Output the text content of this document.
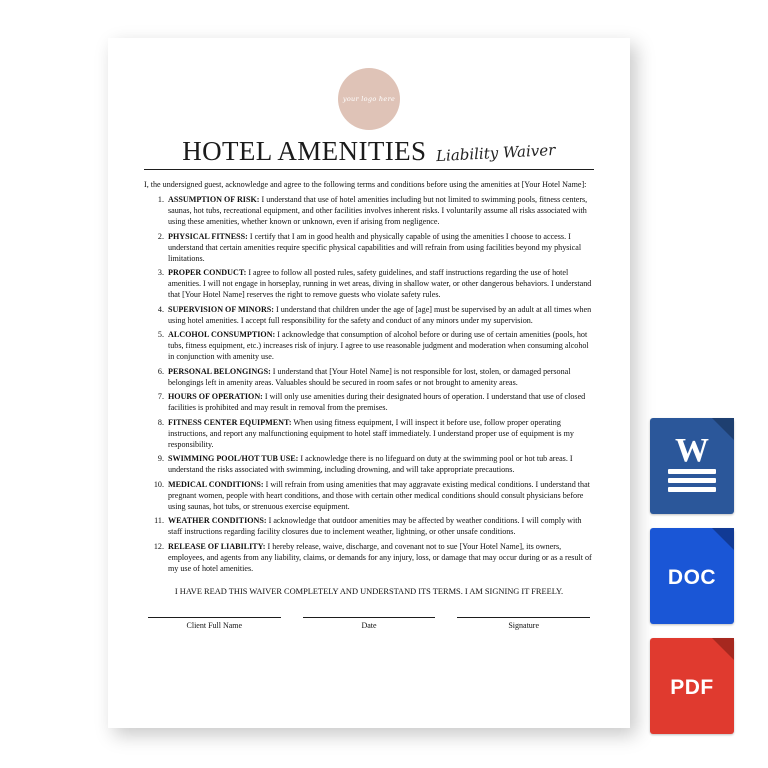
your logo here
HOTEL AMENITIES Liability Waiver

I, the undersigned guest, acknowledge and agree to the following terms and conditions before using the amenities at [Your Hotel Name]:

1. ASSUMPTION OF RISK: I understand that use of hotel amenities including but not limited to swimming pools, fitness centers, saunas, hot tubs, recreational equipment, and other facilities involves inherent risks. I voluntarily assume all risks associated with using these amenities, whether known or unknown, even if arising from negligence.
2. PHYSICAL FITNESS: I certify that I am in good health and physically capable of using the amenities I choose to access. I understand that certain amenities require specific physical capabilities and will refrain from using facilities beyond my physical limitations.
3. PROPER CONDUCT: I agree to follow all posted rules, safety guidelines, and staff instructions regarding the use of hotel amenities. I will not engage in horseplay, running in wet areas, diving in shallow water, or other dangerous behaviors. I understand that [Your Hotel Name] reserves the right to remove guests who violate safety rules.
4. SUPERVISION OF MINORS: I understand that children under the age of [age] must be supervised by an adult at all times when using hotel amenities. I accept full responsibility for the safety and conduct of any minors under my supervision.
5. ALCOHOL CONSUMPTION: I acknowledge that consumption of alcohol before or during use of certain amenities (pools, hot tubs, fitness equipment, etc.) increases risk of injury. I agree to use reasonable judgment and moderation when consuming alcohol in conjunction with amenity use.
6. PERSONAL BELONGINGS: I understand that [Your Hotel Name] is not responsible for lost, stolen, or damaged personal belongings left in amenity areas. Valuables should be secured in room safes or not brought to amenity areas.
7. HOURS OF OPERATION: I will only use amenities during their designated hours of operation. I understand that use of closed facilities is prohibited and may result in removal from the premises.
8. FITNESS CENTER EQUIPMENT: When using fitness equipment, I will inspect it before use, follow proper operating instructions, and report any malfunctioning equipment to hotel staff immediately. I understand proper use of equipment is my responsibility.
9. SWIMMING POOL/HOT TUB USE: I acknowledge there is no lifeguard on duty at the swimming pool or hot tub areas. I understand the risks associated with swimming, including drowning, and will take appropriate precautions.
10. MEDICAL CONDITIONS: I will refrain from using amenities that may aggravate existing medical conditions. I understand that pregnant women, people with heart conditions, and those with certain other medical conditions should consult physicians before using saunas, hot tubs, or strenuous exercise equipment.
11. WEATHER CONDITIONS: I acknowledge that outdoor amenities may be affected by weather conditions. I will comply with staff instructions regarding facility closures due to inclement weather, lightning, or other unsafe conditions.
12. RELEASE OF LIABILITY: I hereby release, waive, discharge, and covenant not to sue [Your Hotel Name], its owners, employees, and agents from any liability, claims, or demands for any injury, loss, or damage that may occur during or as a result of my use of hotel amenities.

I HAVE READ THIS WAIVER COMPLETELY AND UNDERSTAND ITS TERMS. I AM SIGNING IT FREELY.

Client Full Name	Date	Signature
W
DOC
PDF
